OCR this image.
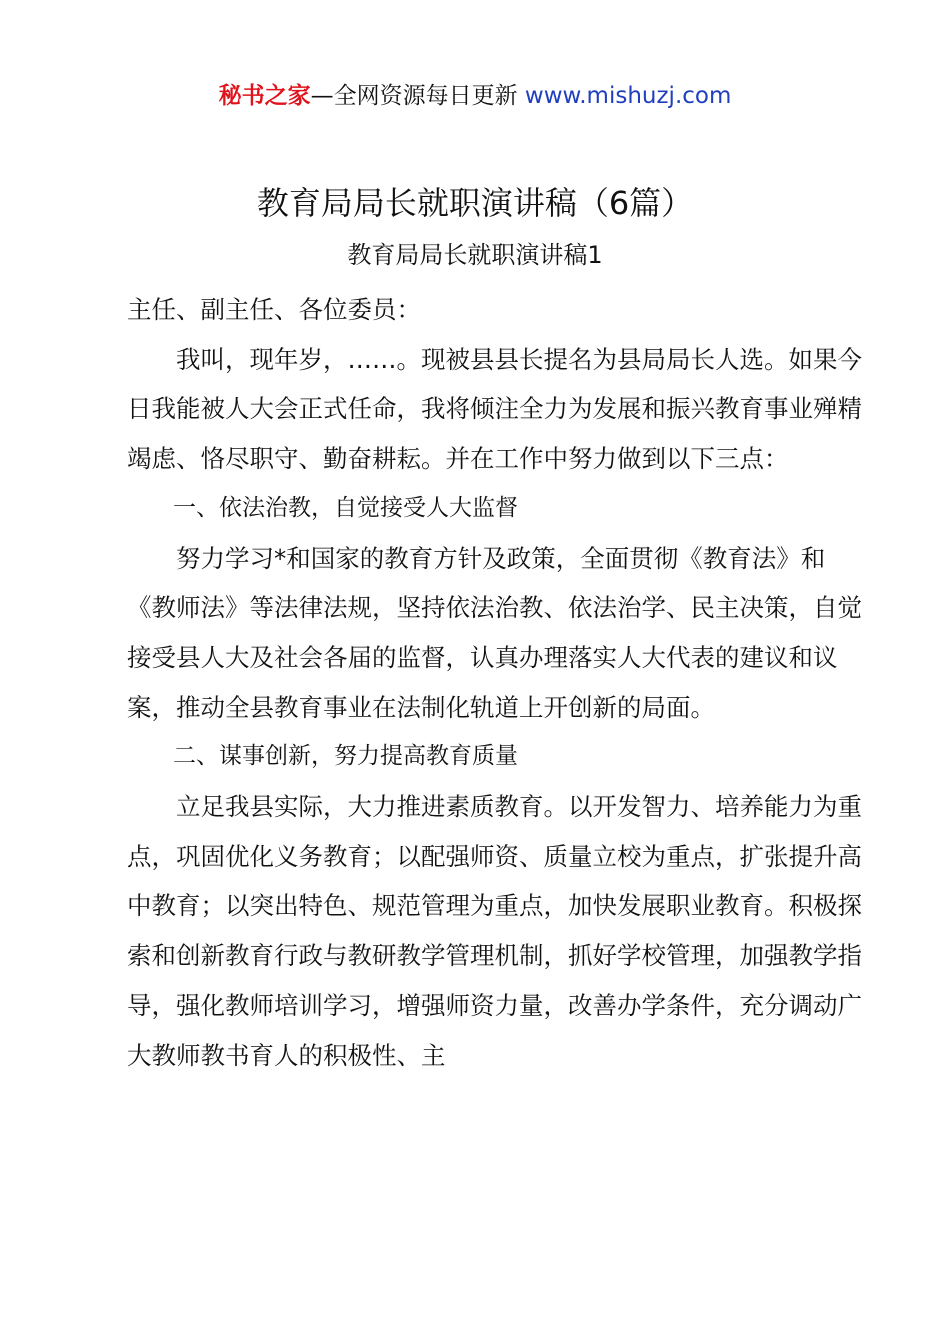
秘书之家—全网资源每日更新 www.mishuzj.com
教育局局长就职演讲稿（6篇）
教育局局长就职演讲稿1

主任、副主任、各位委员：

我叫，现年岁，……。现被县县长提名为县局局长人选。如果今日我能被人大会正式任命，我将倾注全力为发展和振兴教育事业殚精竭虑、恪尽职守、勤奋耕耘。并在工作中努力做到以下三点：

一、依法治教，自觉接受人大监督

努力学习*和国家的教育方针及政策，全面贯彻《教育法》和《教师法》等法律法规，坚持依法治教、依法治学、民主决策，自觉接受县人大及社会各届的监督，认真办理落实人大代表的建议和议案，推动全县教育事业在法制化轨道上开创新的局面。

二、谋事创新，努力提高教育质量

立足我县实际，大力推进素质教育。以开发智力、培养能力为重点，巩固优化义务教育；以配强师资、质量立校为重点，扩张提升高中教育；以突出特色、规范管理为重点，加快发展职业教育。积极探索和创新教育行政与教研教学管理机制，抓好学校管理，加强教学指导，强化教师培训学习，增强师资力量，改善办学条件，充分调动广大教师教书育人的积极性、主
